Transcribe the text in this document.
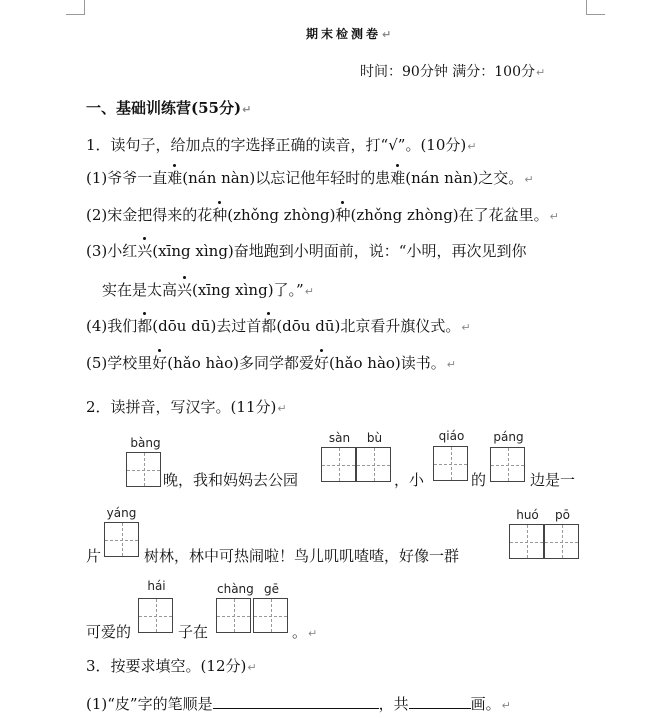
期末检测卷↵
时间：90分钟 满分：100分↵
一、基础训练营(55分)↵
1．读句子，给加点的字选择正确的读音，打“√”。(10分)↵
(1)爷爷一直难(nán nàn)以忘记他年轻时的患难(nán nàn)之交。↵
(2)宋金把得来的花种(zhǒng zhòng)种(zhǒng zhòng)在了花盆里。↵
(3)小红兴(xīng xìng)奋地跑到小明面前，说：“小明，再次见到你
实在是太高兴(xīng xìng)了。”↵
(4)我们都(dōu dū)去过首都(dōu dū)北京看升旗仪式。↵
(5)学校里好(hǎo hào)多同学都爱好(hǎo hào)读书。↵
2．读拼音，写汉字。(11分)↵
bàng
晚，我和妈妈去公园
sàn	bù
，小
qiáo
的
páng
边是一
片
yáng
树林，林中可热闹啦！鸟儿叽叽喳喳，好像一群
huó	pō
可爱的
hái
子在
chàng gē
。↵
3．按要求填空。(12分)↵
(1)“皮”字的笔顺是	，共	画。↵
